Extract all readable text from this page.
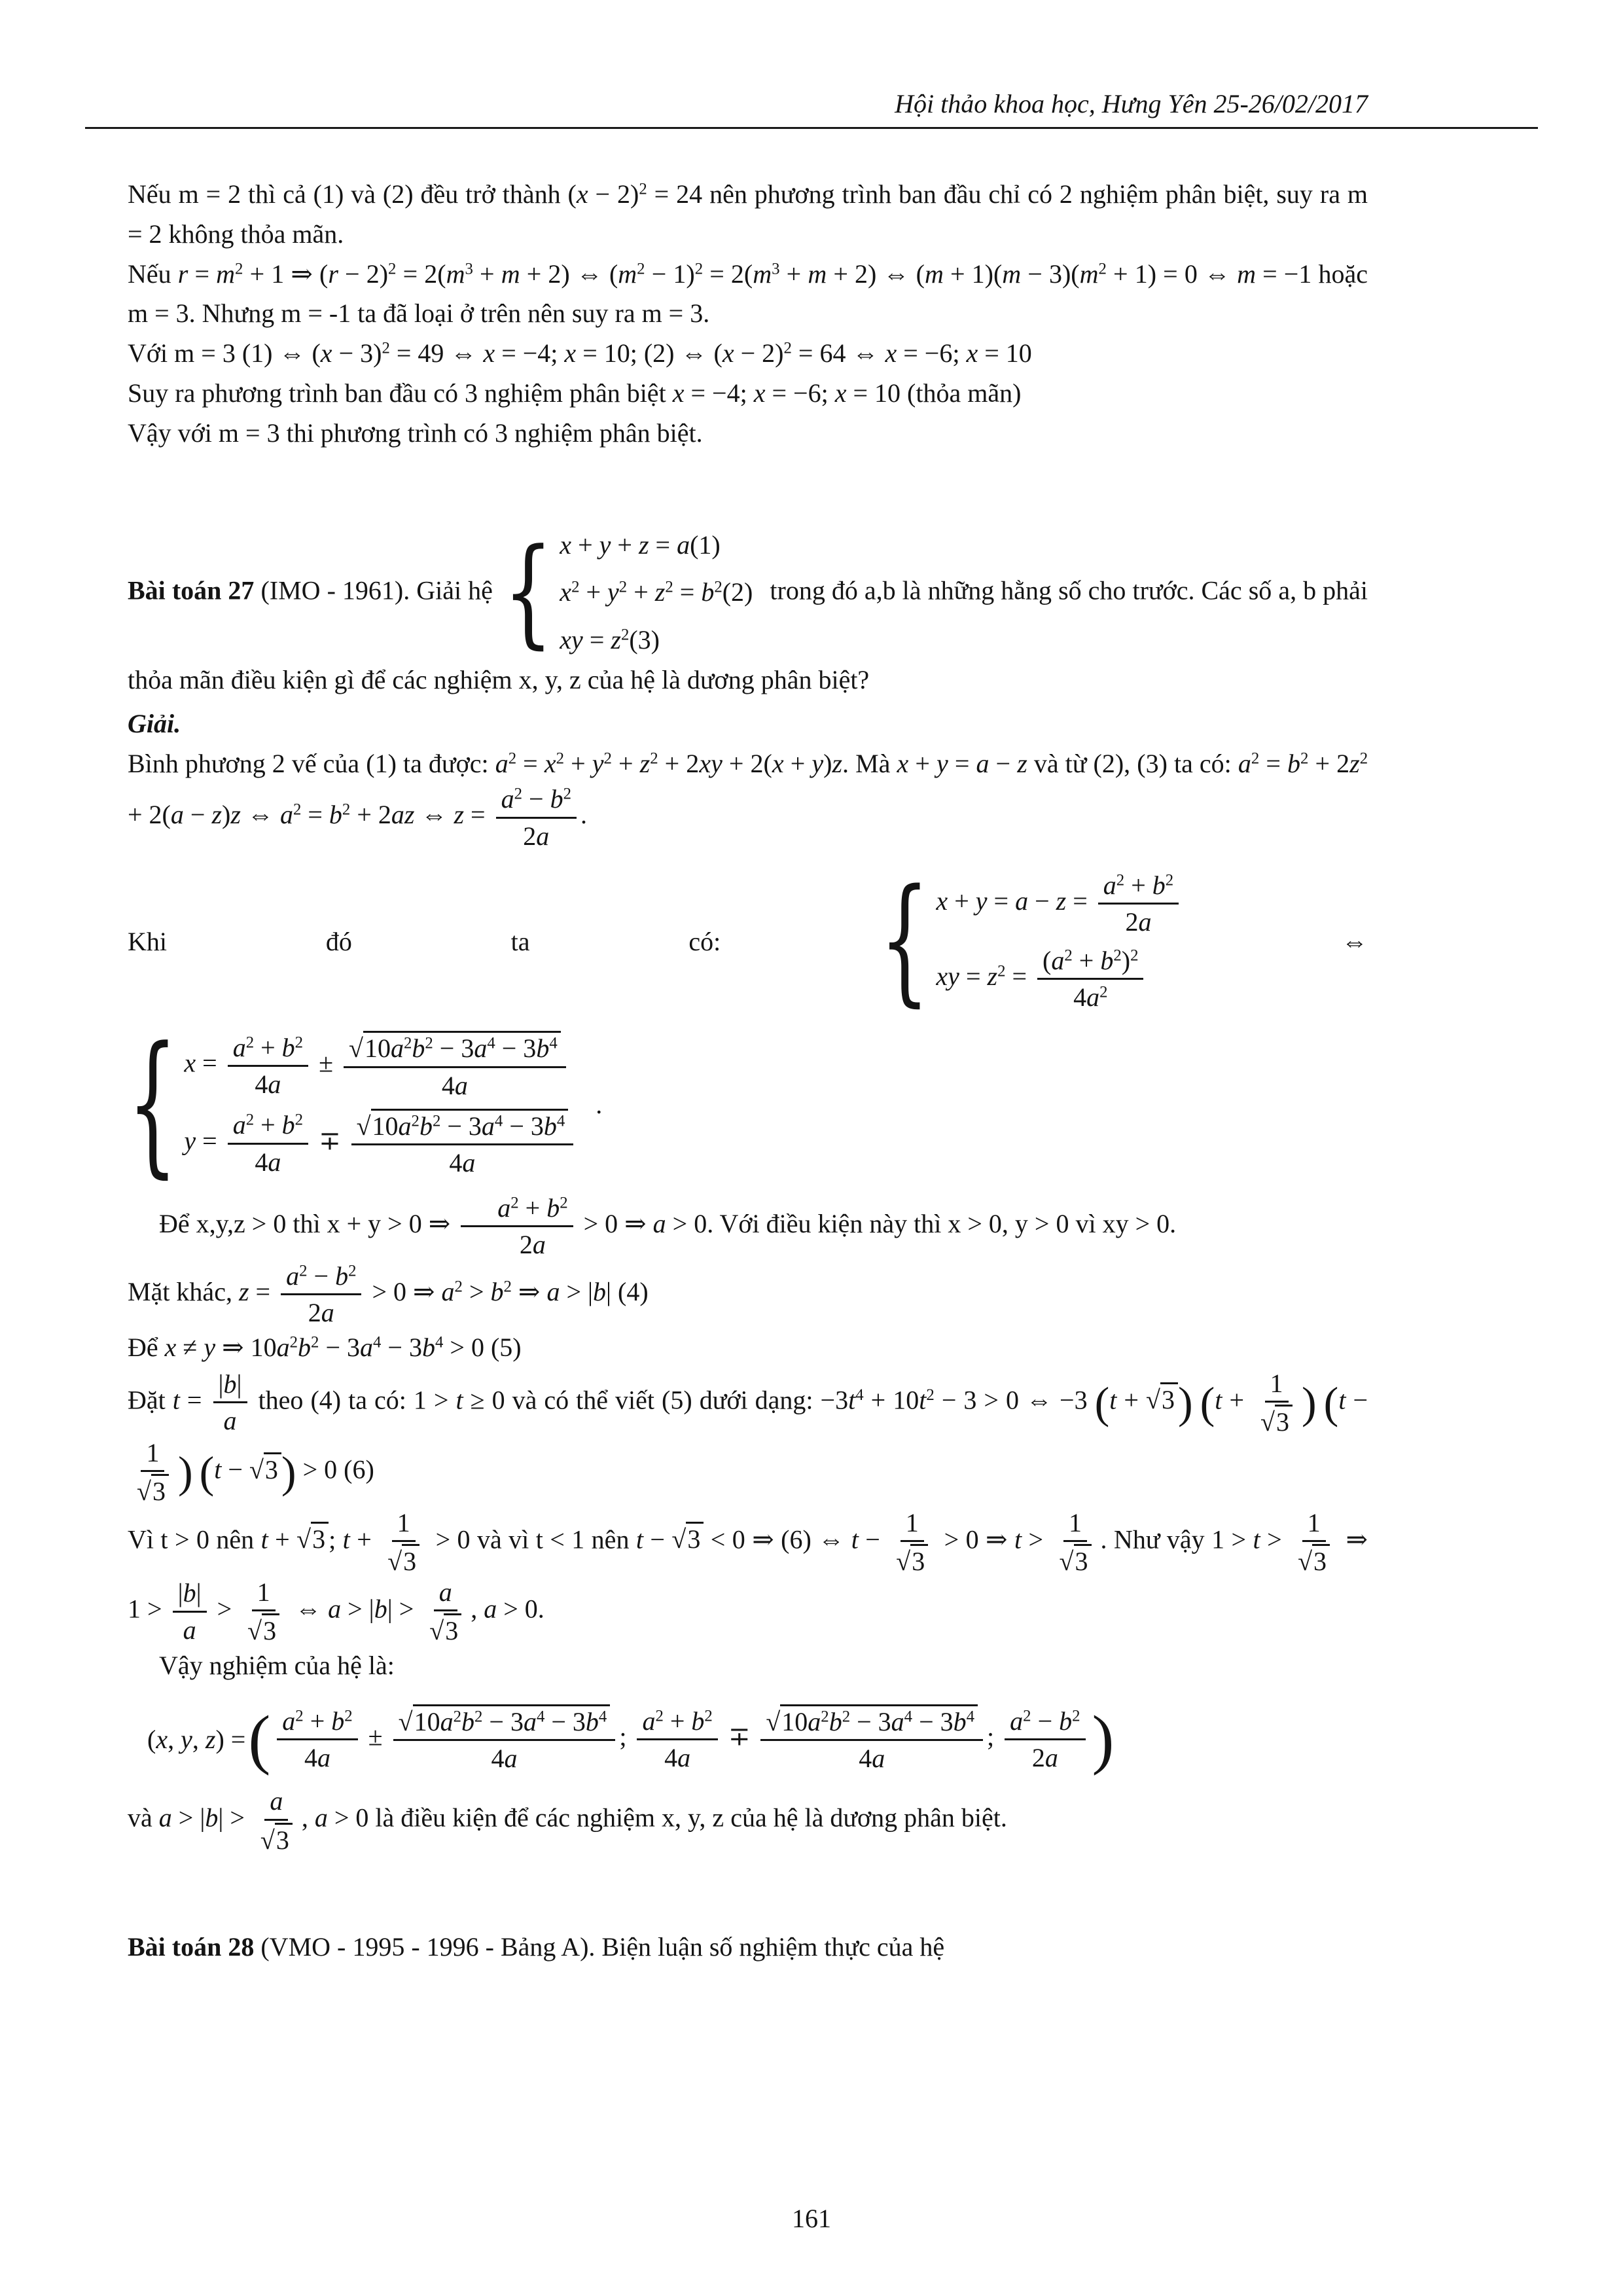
Hội thảo khoa học, Hưng Yên 25-26/02/2017

Nếu m = 2 thì cả (1) và (2) đều trở thành $(x - 2)^2 = 24$ nên phương trình ban đầu chỉ có 2 nghiệm phân biệt, suy ra m = 2 không thỏa mãn.

Nếu $r = m^2 + 1$ ⇒ $(r - 2)^2 = 2(m^3 + m + 2)$ ⇔ $(m^2 - 1)^2 = 2(m^3 + m + 2)$ ⇔ $(m + 1)(m - 3)(m^2 + 1) = 0$ ⇔ m = −1 hoặc m = 3. Nhưng m = -1 ta đã loại ở trên nên suy ra m = 3.

Với m = 3 (1) ⇔ $(x - 3)^2 = 49$ ⇔ x = −4; x = 10; (2) ⇔ $(x - 2)^2 = 64$ ⇔ x = −6; x = 10

Suy ra phương trình ban đầu có 3 nghiệm phân biệt x = −4; x = −6; x = 10 (thỏa mãn)

Vậy với m = 3 thi phương trình có 3 nghiệm phân biệt.

Bài toán 27 (IMO - 1961). Giải hệ { x + y + z = a(1)
$x^2 + y^2 + z^2 = b^2(2)$
xy = $z^2(3)$
trong đó a,b là những hằng số cho trước. Các số a, b phải thỏa mãn điều kiện gì để các nghiệm x, y, z của hệ là dương phân biệt?

Giải.

Bình phương 2 vế của (1) ta được: $a^2 = x^2 + y^2 + z^2 + 2xy + 2(x + y)z$. Mà x + y = a − z và từ (2), (3) ta có: $a^2 = b^2 + 2z^2 + 2(a - z)z$ ⇔ $a^2 = b^2 + 2az$ ⇔ $z = \frac{a^2 - b^2}{2a}$ .

Khi	đó	ta	có: { $x + y = a - z = \frac{a^2 + b^2}{2a}$
xy = $z^2 = \frac{(a^2 + b^2)^2}{4a^2}$
⇔
{ $x = \frac{a^2 + b^2}{4a} \pm \frac{√10a^2b^2 - 3a^4 - 3b^4}{4a}$
$y = \frac{a^2 + b^2}{4a} \mp \frac{√10a^2b^2 - 3a^4 - 3b^4}{4a}$
.

Để x,y,z > 0 thì x + y > 0 ⇒ $\frac{a^2 + b^2}{2a} > 0$ ⇒ a > 0. Với điều kiện này thì x > 0, y > 0 vì xy > 0.

Mặt khác, $z = \frac{a^2 - b^2}{2a} > 0$ ⇒ $a^2 > b^2$ ⇒ a > |b| (4)

Để x ≠ y ⇒ $10a^2b^2 - 3a^4 - 3b^4 > 0$ (5)

Đặt $t = \frac{|b|}{a}$ theo (4) ta có: 1 > t ≥ 0 và có thể viết (5) dưới dạng: $-3t^4 + 10t^2 - 3 > 0$ ⇔ −3 (t + √3) ($t + \frac{1}{√3}$ ) (t −
$\frac{1}{√3}$ ) (t − √3) > 0 (6)

Vì t > 0 nên t + √3 ; $t + \frac{1}{√3} > 0$ và vì t < 1 nên t − √3 < 0 ⇒ (6) ⇔ $t - \frac{1}{√3} > 0$ ⇒ $t > \frac{1}{√3}$ . Như vậy $1 > t > \frac{1}{√3}$ ⇒ $1 > \frac{|b|}{a} > \frac{1}{√3}$ ⇔ $a > |b| > \frac{a}{√3}$ , a > 0.

Vậy nghiệm của hệ là:

(x, y, z) = ( $\frac{a^2 + b^2}{4a} \pm \frac{√10a^2b^2 - 3a^4 - 3b^4}{4a}$ ; $\frac{a^2 + b^2}{4a} \mp \frac{√10a^2b^2 - 3a^4 - 3b^4}{4a}$ ; $\frac{a^2 - b^2}{2a}$ )

và $a > |b| > \frac{a}{√3}$ , a > 0 là điều kiện để các nghiệm x, y, z của hệ là dương phân biệt.

Bài toán 28 (VMO - 1995 - 1996 - Bảng A). Biện luận số nghiệm thực của hệ

161
